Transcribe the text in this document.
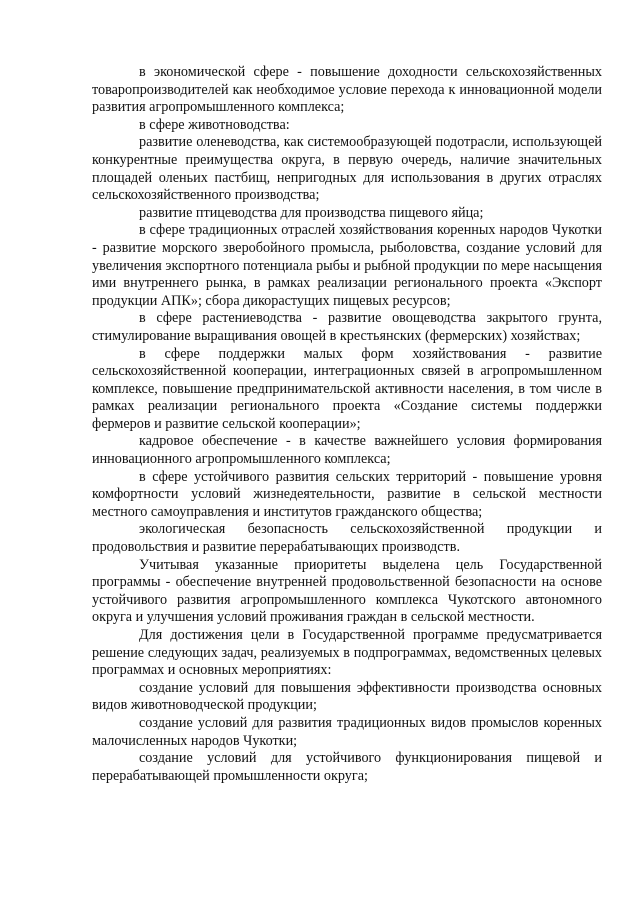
в экономической сфере - повышение доходности сельскохозяйственных товаропроизводителей как необходимое условие перехода к инновационной модели развития агропромышленного комплекса;

в сфере животноводства:

развитие оленеводства, как системообразующей подотрасли, использующей конкурентные преимущества округа, в первую очередь, наличие значительных площадей оленьих пастбищ, непригодных для использования в других отраслях сельскохозяйственного производства;

развитие птицеводства для производства пищевого яйца;

в сфере традиционных отраслей хозяйствования коренных народов Чукотки - развитие морского зверобойного промысла, рыболовства, создание условий для увеличения экспортного потенциала рыбы и рыбной продукции по мере насыщения ими внутреннего рынка, в рамках реализации регионального проекта «Экспорт продукции АПК»; сбора дикорастущих пищевых ресурсов;

в сфере растениеводства - развитие овощеводства закрытого грунта, стимулирование выращивания овощей в крестьянских (фермерских) хозяйствах;

в сфере поддержки малых форм хозяйствования - развитие сельскохозяйственной кооперации, интеграционных связей в агропромышленном комплексе, повышение предпринимательской активности населения, в том числе в рамках реализации регионального проекта «Создание системы поддержки фермеров и развитие сельской кооперации»;

кадровое обеспечение - в качестве важнейшего условия формирования инновационного агропромышленного комплекса;

в сфере устойчивого развития сельских территорий - повышение уровня комфортности условий жизнедеятельности, развитие в сельской местности местного самоуправления и институтов гражданского общества;

экологическая безопасность сельскохозяйственной продукции и продовольствия и развитие перерабатывающих производств.

Учитывая указанные приоритеты выделена цель Государственной программы - обеспечение внутренней продовольственной безопасности на основе устойчивого развития агропромышленного комплекса Чукотского автономного округа и улучшения условий проживания граждан в сельской местности.

Для достижения цели в Государственной программе предусматривается решение следующих задач, реализуемых в подпрограммах, ведомственных целевых программах и основных мероприятиях:

создание условий для повышения эффективности производства основных видов животноводческой продукции;

создание условий для развития традиционных видов промыслов коренных малочисленных народов Чукотки;

создание условий для устойчивого функционирования пищевой и перерабатывающей промышленности округа;
